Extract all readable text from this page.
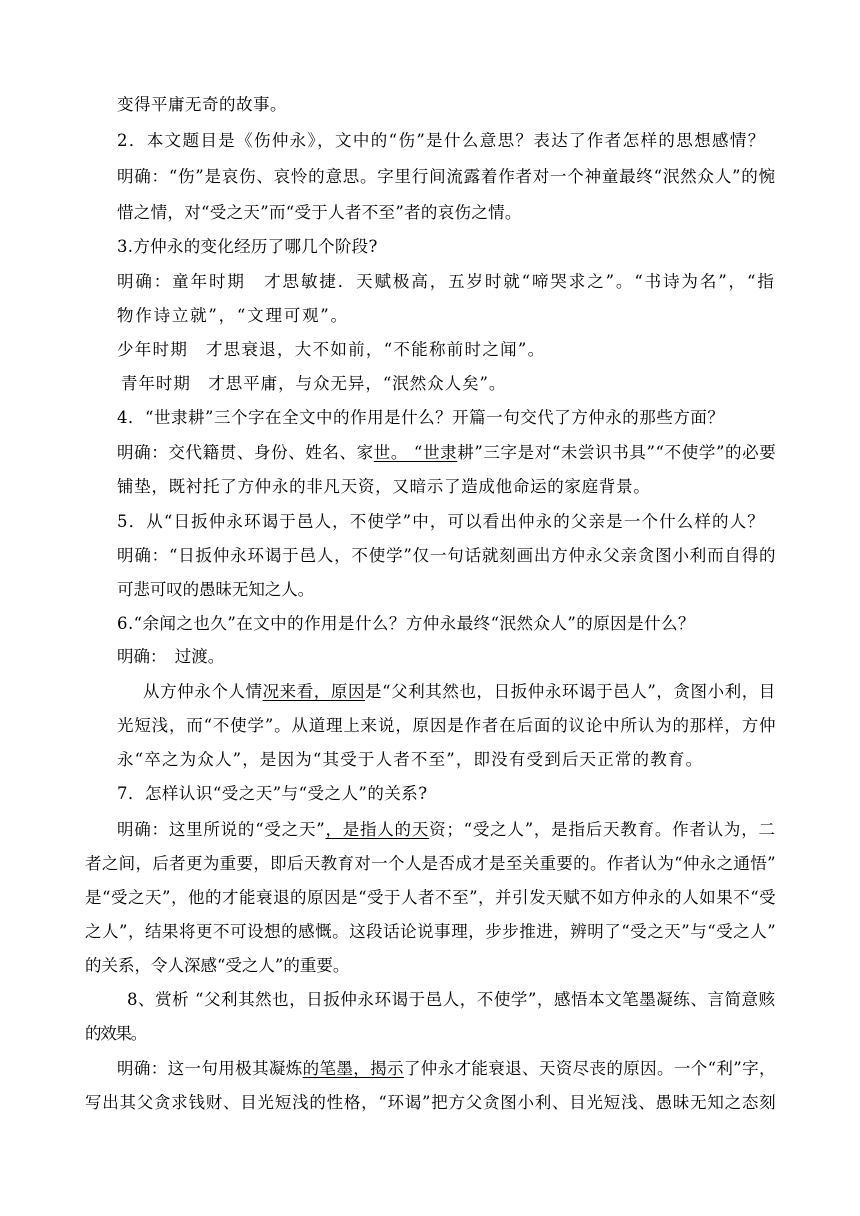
变得平庸无奇的故事。
2．本文题目是《伤仲永》，文中的“伤”是什么意思？表达了作者怎样的思想感情？
明确：“伤”是哀伤、哀怜的意思。字里行间流露着作者对一个神童最终“泯然众人”的惋
惜之情，对“受之天”而“受于人者不至”者的哀伤之情。
3.方仲永的变化经历了哪几个阶段?
明确：童年时期　才思敏捷．天赋极高，五岁时就“啼哭求之”。“书诗为名”，“指
物作诗立就”，“文理可观”。
少年时期　才思衰退，大不如前，“不能称前时之闻”。
青年时期　才思平庸，与众无异，“泯然众人矣”。
4．“世隶耕”三个字在全文中的作用是什么？开篇一句交代了方仲永的那些方面？
明确：交代籍贯、身份、姓名、家世。 “世隶耕”三字是对“未尝识书具”“不使学”的必要
铺垫，既衬托了方仲永的非凡天资，又暗示了造成他命运的家庭背景。
5．从“日扳仲永环谒于邑人，不使学”中，可以看出仲永的父亲是一个什么样的人？
明确：“日扳仲永环谒于邑人，不使学”仅一句话就刻画出方仲永父亲贪图小利而自得的
可悲可叹的愚昧无知之人。
6.“余闻之也久”在文中的作用是什么？方仲永最终“泯然众人”的原因是什么？
明确：　过渡。
从方仲永个人情况来看，原因是“父利其然也，日扳仲永环谒于邑人”，贪图小利，目
光短浅，而“不使学”。从道理上来说，原因是作者在后面的议论中所认为的那样，方仲
永“卒之为众人”，是因为“其受于人者不至”，即没有受到后天正常的教育。
7．怎样认识“受之天”与“受之人”的关系?
明确：这里所说的“受之天”，是指人的天资；“受之人”，是指后天教育。作者认为，二
者之间，后者更为重要，即后天教育对一个人是否成才是至关重要的。作者认为“仲永之通悟”
是“受之天”，他的才能衰退的原因是“受于人者不至”，并引发天赋不如方仲永的人如果不“受
之人”，结果将更不可设想的感慨。这段话论说事理，步步推进，辨明了“受之天”与“受之人”
的关系，令人深感“受之人”的重要。
8、赏析 “父利其然也，日扳仲永环谒于邑人，不使学”，感悟本文笔墨凝练、言简意赅
的效果。
明确：这一句用极其凝炼的笔墨，揭示了仲永才能衰退、天资尽丧的原因。一个“利”字，
写出其父贪求钱财、目光短浅的性格，“环谒”把方父贪图小利、目光短浅、愚昧无知之态刻
